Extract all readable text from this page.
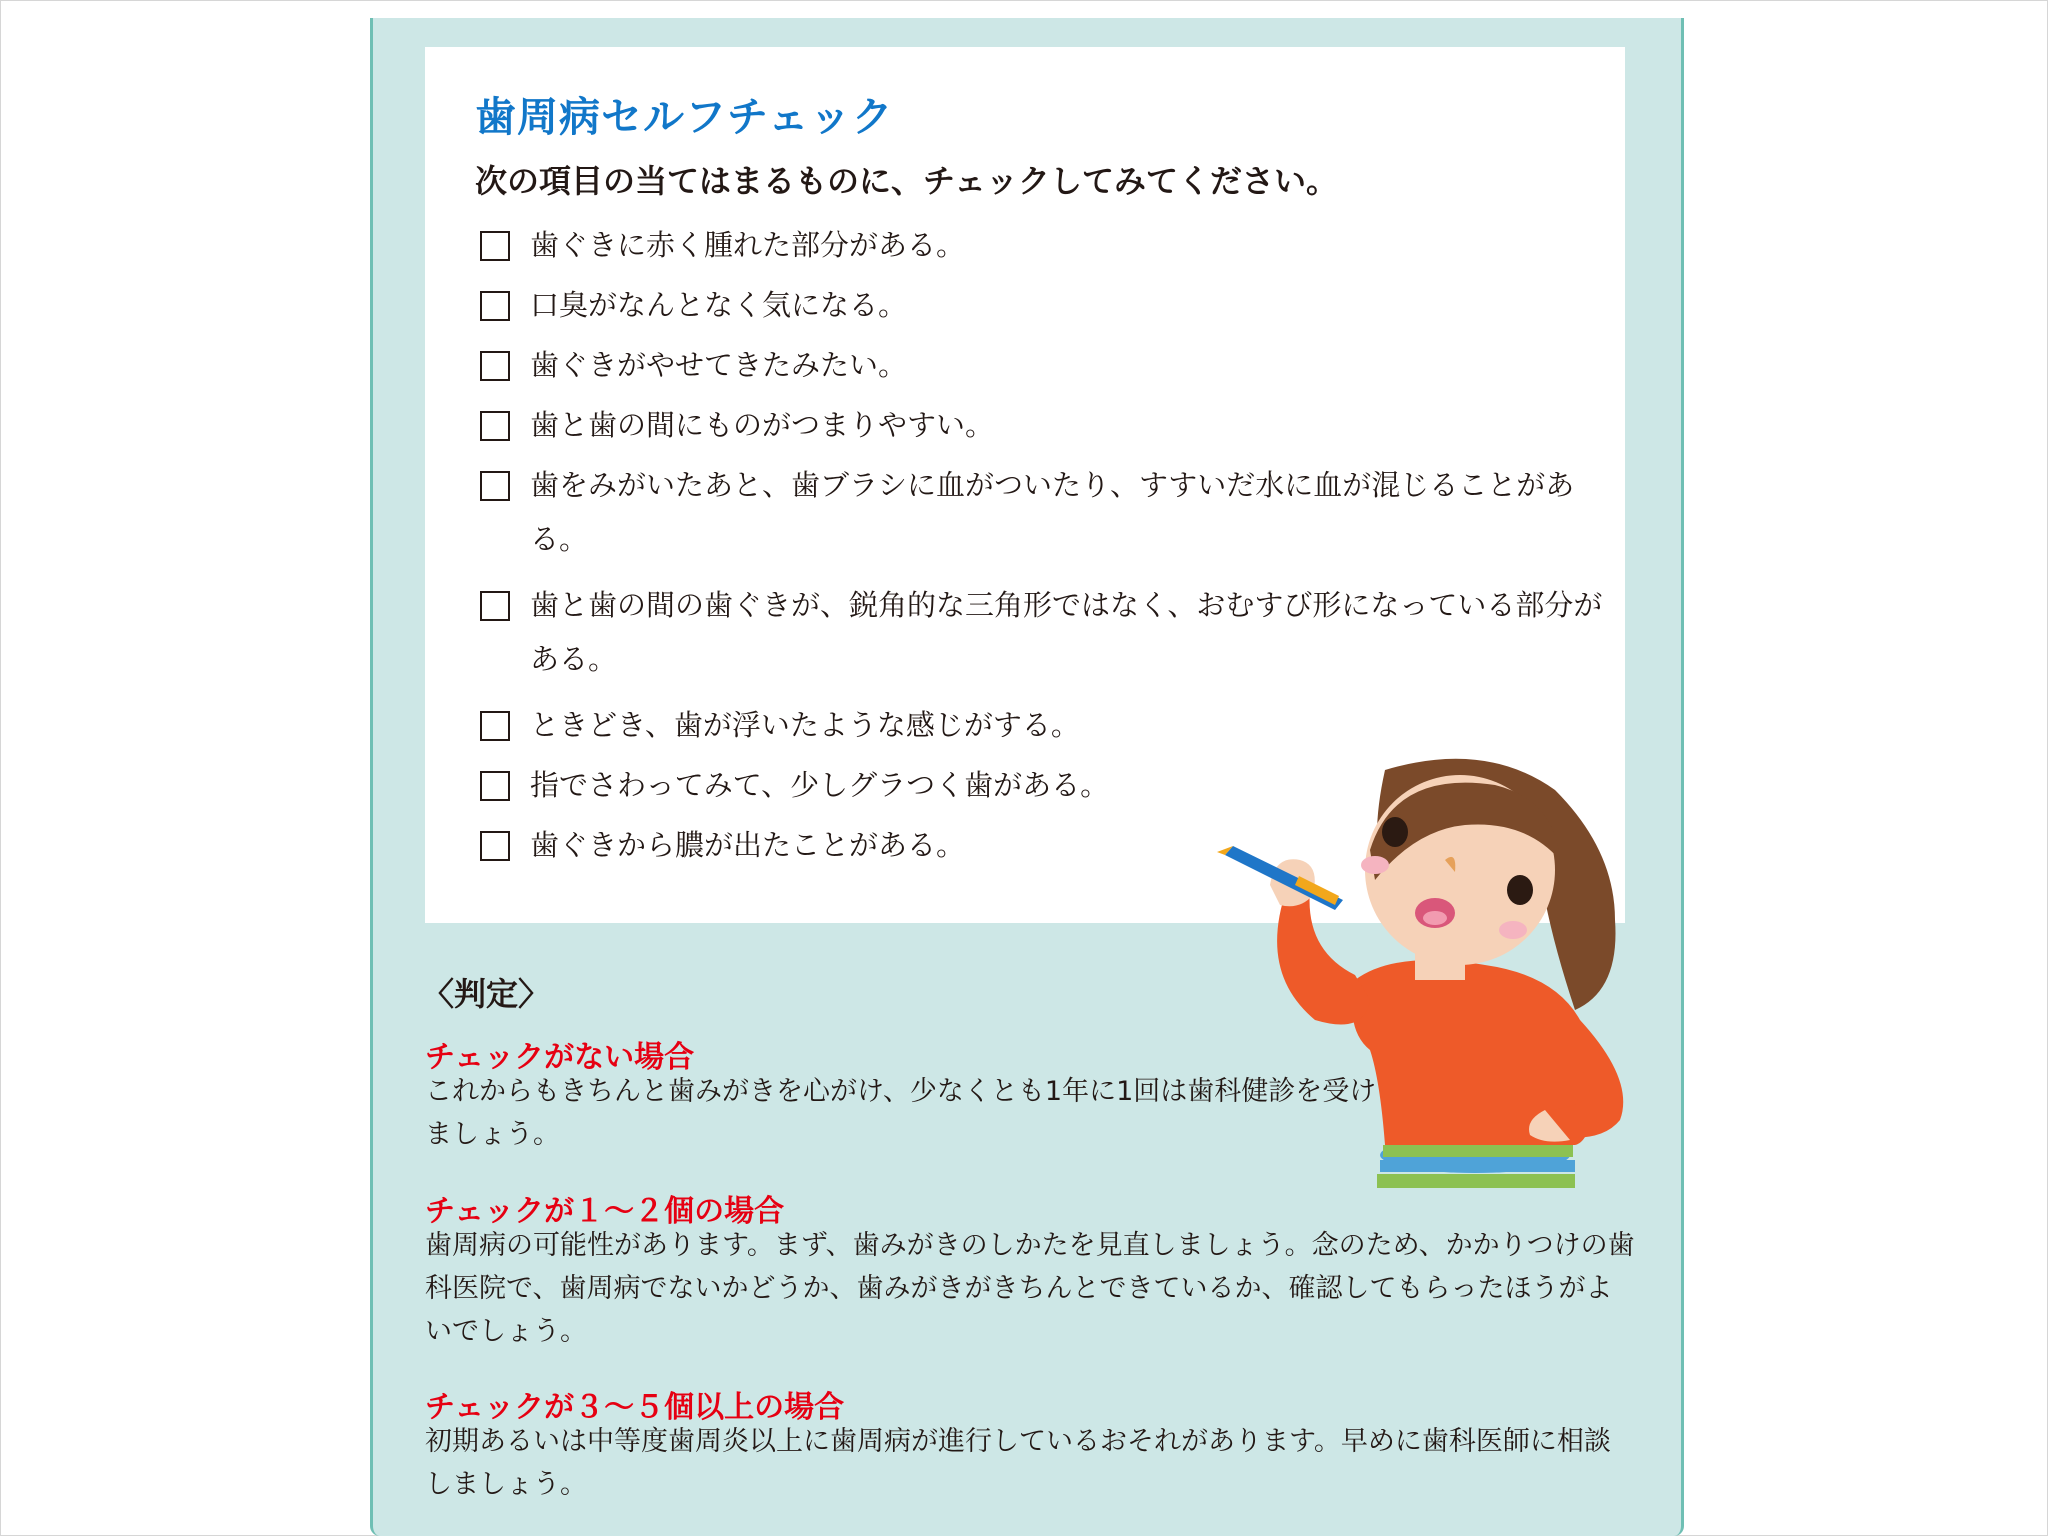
歯周病セルフチェック
次の項目の当てはまるものに、チェックしてみてください。
歯ぐきに赤く腫れた部分がある。
口臭がなんとなく気になる。
歯ぐきがやせてきたみたい。
歯と歯の間にものがつまりやすい。
歯をみがいたあと、歯ブラシに血がついたり、すすいだ水に血が混じることがある。
歯と歯の間の歯ぐきが、鋭角的な三角形ではなく、おむすび形になっている部分がある。
ときどき、歯が浮いたような感じがする。
指でさわってみて、少しグラつく歯がある。
歯ぐきから膿が出たことがある。
〈判定〉
チェックがない場合
これからもきちんと歯みがきを心がけ、少なくとも1年に1回は歯科健診を受けましょう。
チェックが１～２個の場合
歯周病の可能性があります。まず、歯みがきのしかたを見直しましょう。念のため、かかりつけの歯科医院で、歯周病でないかどうか、歯みがきがきちんとできているか、確認してもらったほうがよいでしょう。
チェックが３～５個以上の場合
初期あるいは中等度歯周炎以上に歯周病が進行しているおそれがあります。早めに歯科医師に相談しましょう。
